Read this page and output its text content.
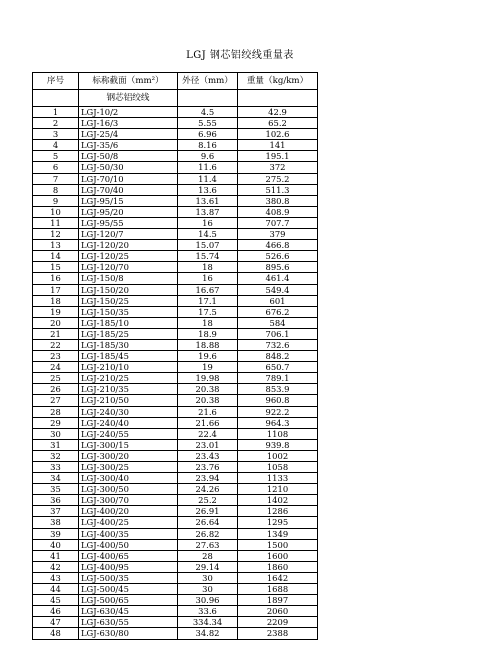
LGJ 钢芯铝绞线重量表
序号	标称截面（mm²）	外径（mm）	重量（kg/km）
	钢芯铝绞线		
1	LGJ-10/2	4.5	42.9
2	LGJ-16/3	5.55	65.2
3	LGJ-25/4	6.96	102.6
4	LGJ-35/6	8.16	141
5	LGJ-50/8	9.6	195.1
6	LGJ-50/30	11.6	372
7	LGJ-70/10	11.4	275.2
8	LGJ-70/40	13.6	511.3
9	LGJ-95/15	13.61	380.8
10	LGJ-95/20	13.87	408.9
11	LGJ-95/55	16	707.7
12	LGJ-120/7	14.5	379
13	LGJ-120/20	15.07	466.8
14	LGJ-120/25	15.74	526.6
15	LGJ-120/70	18	895.6
16	LGJ-150/8	16	461.4
17	LGJ-150/20	16.67	549.4
18	LGJ-150/25	17.1	601
19	LGJ-150/35	17.5	676.2
20	LGJ-185/10	18	584
21	LGJ-185/25	18.9	706.1
22	LGJ-185/30	18.88	732.6
23	LGJ-185/45	19.6	848.2
24	LGJ-210/10	19	650.7
25	LGJ-210/25	19.98	789.1
26	LGJ-210/35	20.38	853.9
27	LGJ-210/50	20.38	960.8
28	LGJ-240/30	21.6	922.2
29	LGJ-240/40	21.66	964.3
30	LGJ-240/55	22.4	1108
31	LGJ-300/15	23.01	939.8
32	LGJ-300/20	23.43	1002
33	LGJ-300/25	23.76	1058
34	LGJ-300/40	23.94	1133
35	LGJ-300/50	24.26	1210
36	LGJ-300/70	25.2	1402
37	LGJ-400/20	26.91	1286
38	LGJ-400/25	26.64	1295
39	LGJ-400/35	26.82	1349
40	LGJ-400/50	27.63	1500
41	LGJ-400/65	28	1600
42	LGJ-400/95	29.14	1860
43	LGJ-500/35	30	1642
44	LGJ-500/45	30	1688
45	LGJ-500/65	30.96	1897
46	LGJ-630/45	33.6	2060
47	LGJ-630/55	334.34	2209
48	LGJ-630/80	34.82	2388
